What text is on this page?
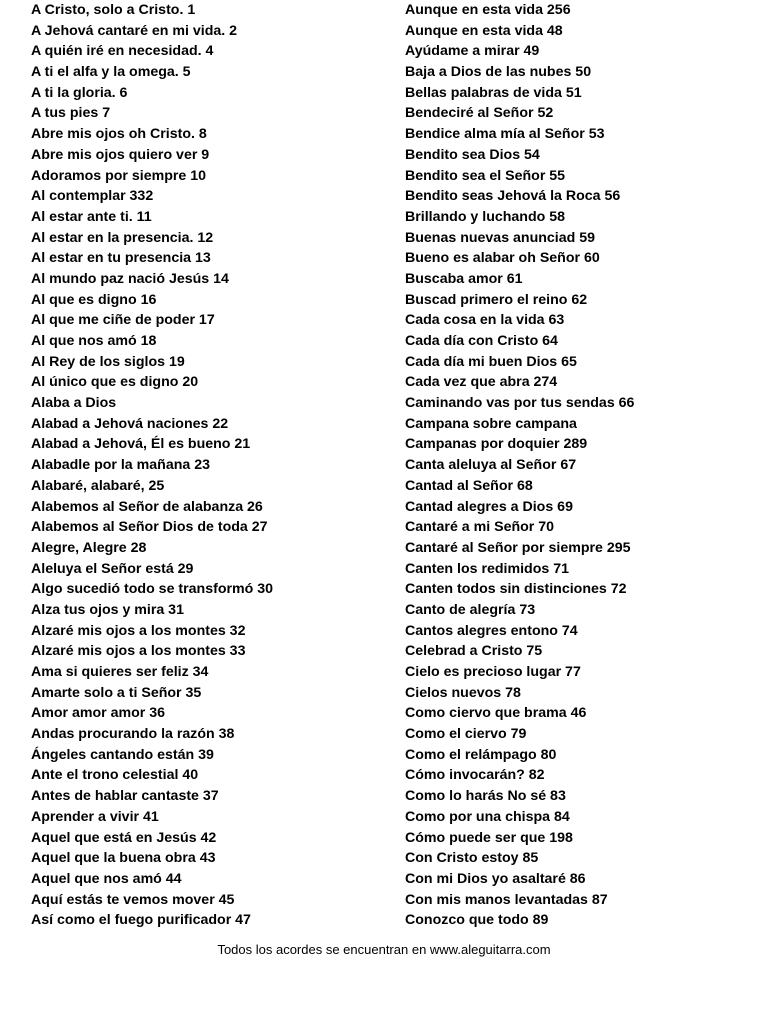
A Cristo, solo a Cristo. 1
A Jehová cantaré en mi vida. 2
A quién iré en necesidad. 4
A ti el alfa y la omega. 5
A ti la gloria. 6
A tus pies 7
Abre mis ojos oh Cristo. 8
Abre mis ojos quiero ver 9
Adoramos por siempre 10
Al contemplar 332
Al estar ante ti. 11
Al estar en la presencia. 12
Al estar en tu presencia 13
Al mundo paz nació Jesús 14
Al que es digno 16
Al que me ciñe de poder 17
Al que nos amó 18
Al Rey de los siglos 19
Al único que es digno 20
Alaba a Dios
Alabad a Jehová naciones 22
Alabad a Jehová, Él es bueno 21
Alabadle por la mañana 23
Alabaré, alabaré, 25
Alabemos al Señor de alabanza 26
Alabemos al Señor Dios de toda 27
Alegre, Alegre 28
Aleluya el Señor está 29
Algo sucedió todo se transformó 30
Alza tus ojos y mira 31
Alzaré mis ojos a los montes 32
Alzaré mis ojos a los montes 33
Ama si quieres ser feliz 34
Amarte solo a ti Señor 35
Amor amor amor 36
Andas procurando la razón 38
Ángeles cantando están 39
Ante el trono celestial 40
Antes de hablar cantaste 37
Aprender a vivir 41
Aquel que está en Jesús 42
Aquel que la buena obra 43
Aquel que nos amó 44
Aquí estás te vemos mover 45
Así como el fuego purificador 47
Aunque en esta vida 256
Aunque en esta vida 48
Ayúdame a mirar 49
Baja a Dios de las nubes 50
Bellas palabras de vida 51
Bendeciré al Señor 52
Bendice alma mía al Señor 53
Bendito sea Dios 54
Bendito sea el Señor 55
Bendito seas Jehová la Roca 56
Brillando y luchando 58
Buenas nuevas anunciad 59
Bueno es alabar oh Señor 60
Buscaba amor 61
Buscad primero el reino 62
Cada cosa en la vida 63
Cada día con Cristo 64
Cada día mi buen Dios 65
Cada vez que abra 274
Caminando vas por tus sendas 66
Campana sobre campana
Campanas por doquier 289
Canta aleluya al Señor 67
Cantad al Señor 68
Cantad alegres a Dios 69
Cantaré a mi Señor 70
Cantaré al Señor por siempre 295
Canten los redimidos 71
Canten todos sin distinciones 72
Canto de alegría 73
Cantos alegres entono 74
Celebrad a Cristo 75
Cielo es precioso lugar 77
Cielos nuevos 78
Como ciervo que brama 46
Como el ciervo 79
Como el relámpago 80
Cómo invocarán? 82
Como lo harás No sé 83
Como por una chispa 84
Cómo puede ser que 198
Con Cristo estoy 85
Con mi Dios yo asaltaré 86
Con mis manos levantadas 87
Conozco que todo 89
Todos los acordes se encuentran en www.aleguitarra.com
